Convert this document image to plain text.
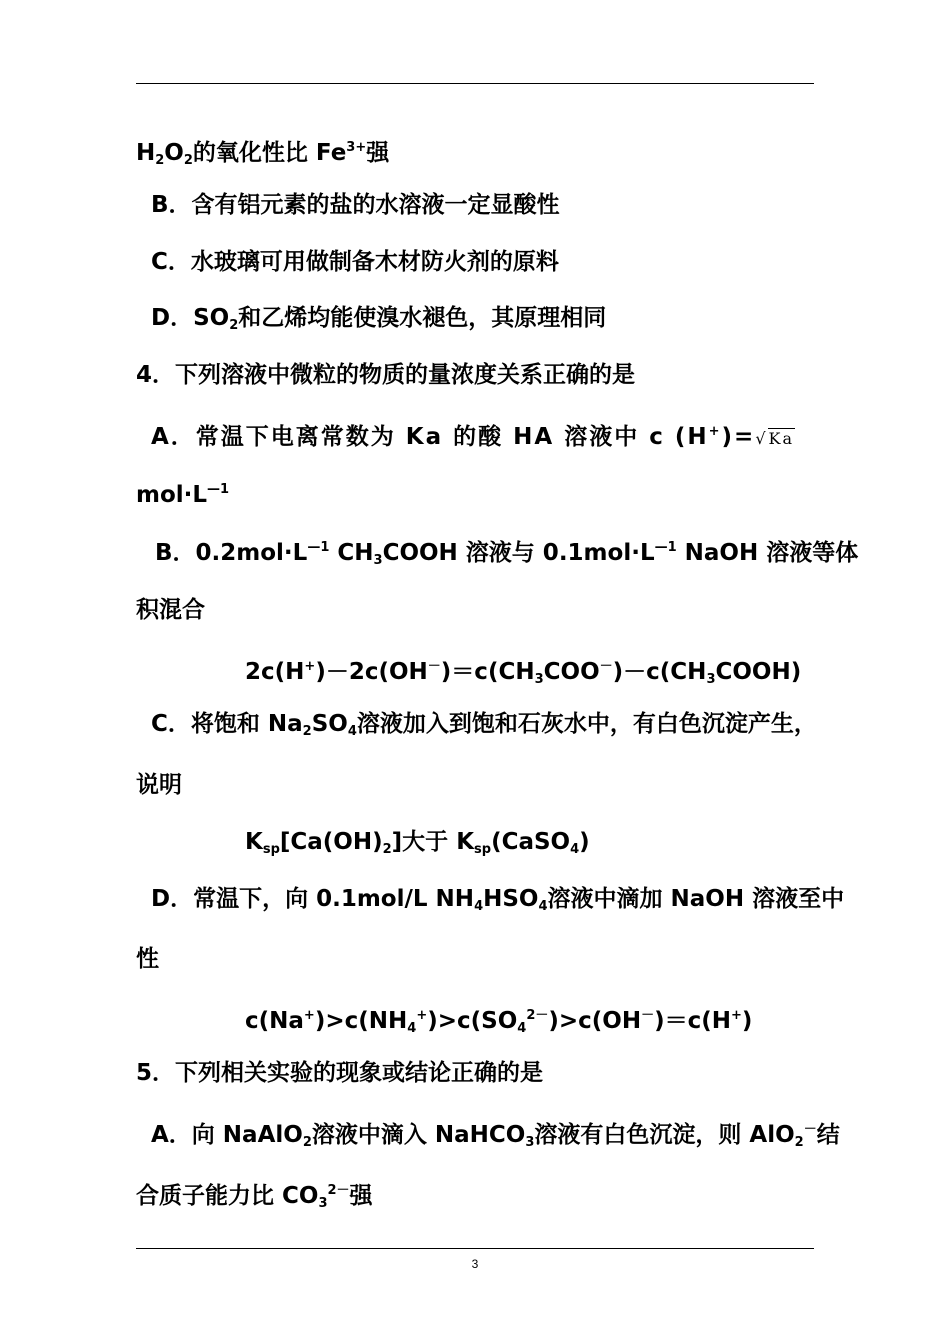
$H_2O_2$的氧化性比 $Fe^{3+}$强
B．含有铝元素的盐的水溶液一定显酸性
C．水玻璃可用做制备木材防火剂的原料
D．$SO_2$和乙烯均能使溴水褪色，其原理相同
4．下列溶液中微粒的物质的量浓度关系正确的是
A．常温下电离常数为 Ka 的酸 HA 溶液中 c (H+)=√Ka
$mol\cdot L^{—1}$
B．$0.2mol\cdot L^{—1}$ $CH_3COOH$ 溶液与 $0.1mol\cdot L^{—1}$ NaOH 溶液等体
积混合
$2c(H^+)-2c(OH^-)=c(CH_3COO^-)-c(CH_3COOH)$
C．将饱和 $Na_2SO_4$溶液加入到饱和石灰水中，有白色沉淀产生，
说明
$K_{sp}[Ca(OH)_2]$大于 $K_{sp}(CaSO_4)$
D．常温下，向 0.1mol/L $NH_4HSO_4$溶液中滴加 NaOH 溶液至中
性
$c(Na^+)>c(NH_4^+)>c(SO_4^{2-})>c(OH^-)=c(H^+)$
5．下列相关实验的现象或结论正确的是
A．向 NaAlO$_2$溶液中滴入 NaHCO$_3$溶液有白色沉淀，则 AlO$_2$－结
合质子能力比 $CO_3^{2-}$强
3
